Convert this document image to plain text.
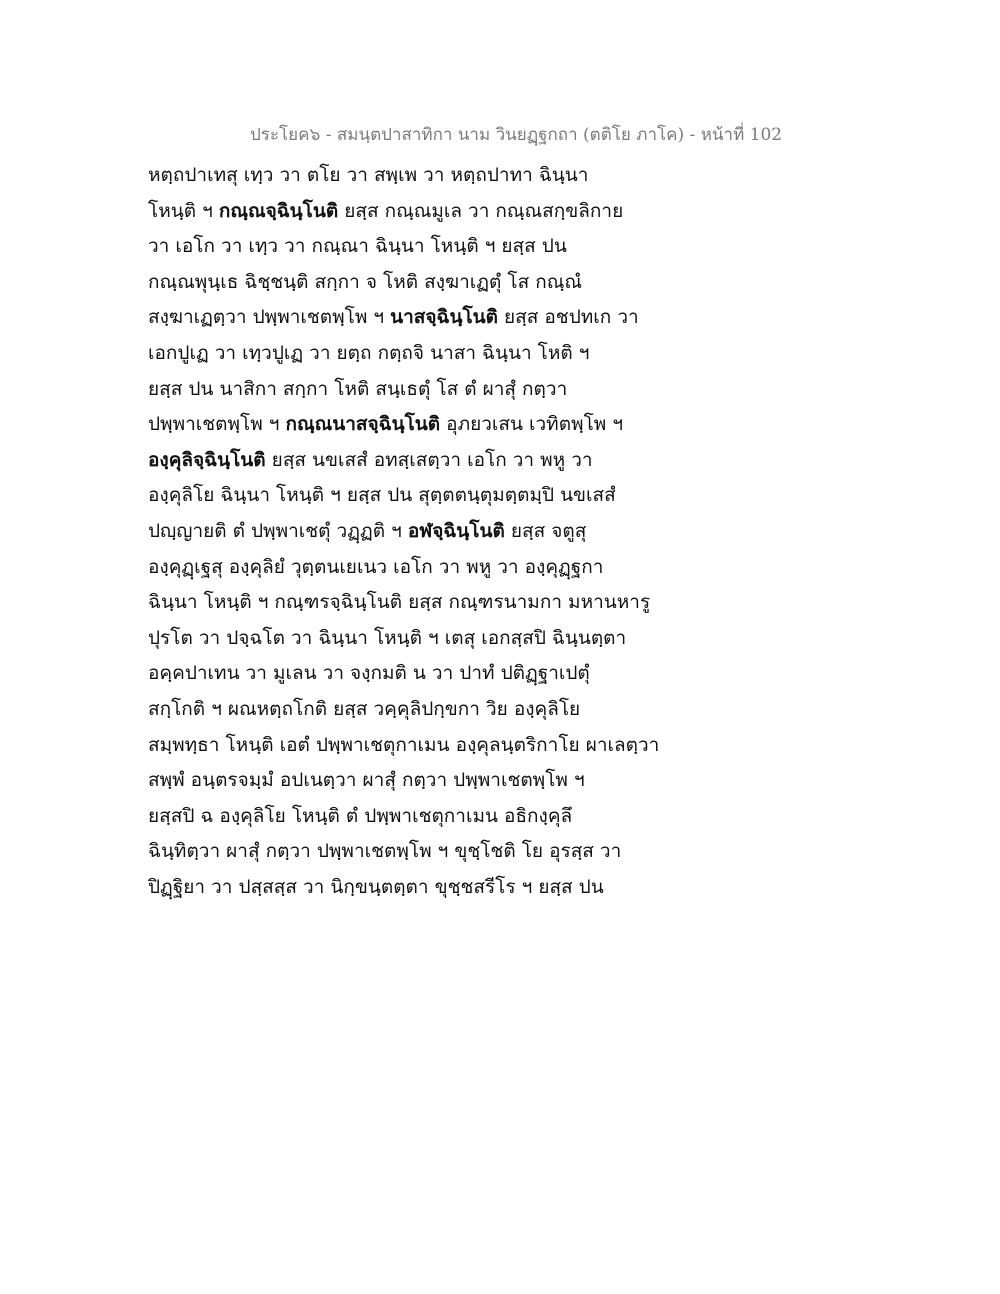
ประโยค๖ - สมนฺตปาสาทิกา นาม วินยฏฺฐกถา (ตติโย ภาโค) - หน้าที่ 102

หตฺถปาเทสุ เทฺว วา ตโย วา สพฺเพ วา หตฺถปาทา ฉินฺนา

โหนฺติ ฯ กณฺณจฺฉินฺโนติ ยสฺส กณฺณมูเล วา กณฺณสกฺขลิกาย

วา เอโก วา เทฺว วา กณฺณา ฉินฺนา โหนฺติ ฯ ยสฺส ปน

กณฺณพุนฺเธ ฉิชฺชนฺติ สกฺกา จ โหติ สงฺฆาเฏตุํ โส กณฺณํ

สงฺฆาเฏตฺวา ปพฺพาเชตพฺโพ ฯ นาสจฺฉินฺโนติ ยสฺส อชปทเก วา

เอกปูเฏ วา เทฺวปูเฏ วา ยตฺถ กตฺถจิ นาสา ฉินฺนา โหติ ฯ

ยสฺส ปน นาสิกา สกฺกา โหติ สนฺเธตุํ โส ตํ ผาสุํ กตฺวา

ปพฺพาเชตพฺโพ ฯ กณฺณนาสจฺฉินฺโนติ อุภยวเสน เวทิตพฺโพ ฯ

องฺคุลิจฺฉินฺโนติ ยสฺส นขเสสํ อทสฺเสตฺวา เอโก วา พหู วา

องฺคุลิโย ฉินฺนา โหนฺติ ฯ ยสฺส ปน สุตฺตตนฺตุมตฺตมฺปิ นขเสสํ

ปญฺญายติ ตํ ปพฺพาเชตุํ วฏฺฏติ ฯ อฬจฺฉินฺโนติ ยสฺส จตูสุ

องฺคุฏฺเฐสุ องฺคุลิยํ วุตฺตนเยเนว เอโก วา พหู วา องฺคุฏฺฐกา

ฉินฺนา โหนฺติ ฯ กณฺฑรจฺฉินฺโนติ ยสฺส กณฺฑรนามกา มหานหารู

ปุรโต วา ปจฺฉโต วา ฉินฺนา โหนฺติ ฯ เตสุ เอกสฺสปิ ฉินฺนตฺตา

อคฺคปาเทน วา มูเลน วา จงฺกมติ น วา ปาทํ ปติฏฺฐาเปตุํ

สกฺโกติ ฯ ผณหตฺถโกติ ยสฺส วคฺคุลิปกฺขกา วิย องฺคุลิโย

สมฺพทฺธา โหนฺติ เอตํ ปพฺพาเชตุกาเมน องฺคุลนฺตริกาโย ผาเลตฺวา

สพฺพํ อนฺตรจมฺมํ อปเนตฺวา ผาสุํ กตฺวา ปพฺพาเชตพฺโพ ฯ

ยสฺสปิ ฉ องฺคุลิโย โหนฺติ ตํ ปพฺพาเชตุกาเมน อธิกงฺคุลึ

ฉินฺทิตฺวา ผาสุํ กตฺวา ปพฺพาเชตพฺโพ ฯ ขุชฺโชติ โย อุรสฺส วา

ปิฏฺฐิยา วา ปสฺสสฺส วา นิกฺขนฺตตฺตา ขุชฺชสรีโร ฯ ยสฺส ปน
